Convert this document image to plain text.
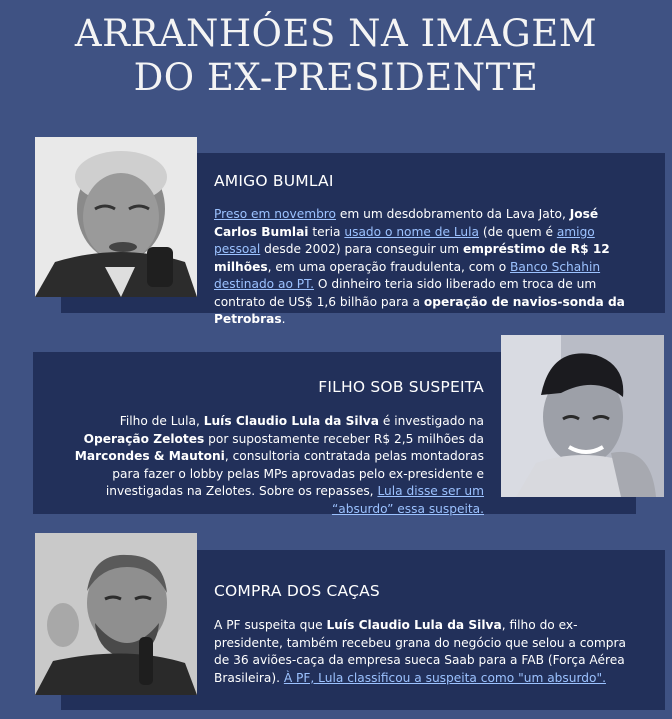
ARRANHÓES NA IMAGEM
DO EX-PRESIDENTE
AMIGO BUMLAI
Preso em novembro em um desdobramento da Lava Jato, José Carlos Bumlai teria usado o nome de Lula (de quem é amigo pessoal desde 2002) para conseguir um empréstimo de R$ 12 milhões, em uma operação fraudulenta, com o Banco Schahin destinado ao PT. O dinheiro teria sido liberado em troca de um contrato de US$ 1,6 bilhão para a operação de navios-sonda da Petrobras.
FILHO SOB SUSPEITA
Filho de Lula, Luís Claudio Lula da Silva é investigado na Operação Zelotes por supostamente receber R$ 2,5 milhões da Marcondes & Mautoni, consultoria contratada pelas montadoras para fazer o lobby pelas MPs aprovadas pelo ex-presidente e investigadas na Zelotes. Sobre os repasses, Lula disse ser um “absurdo” essa suspeita.
COMPRA DOS CAÇAS
A PF suspeita que Luís Claudio Lula da Silva, filho do ex-presidente, também recebeu grana do negócio que selou a compra de 36 aviões-caça da empresa sueca Saab para a FAB (Força Aérea Brasileira). À PF, Lula classificou a suspeita como "um absurdo".
